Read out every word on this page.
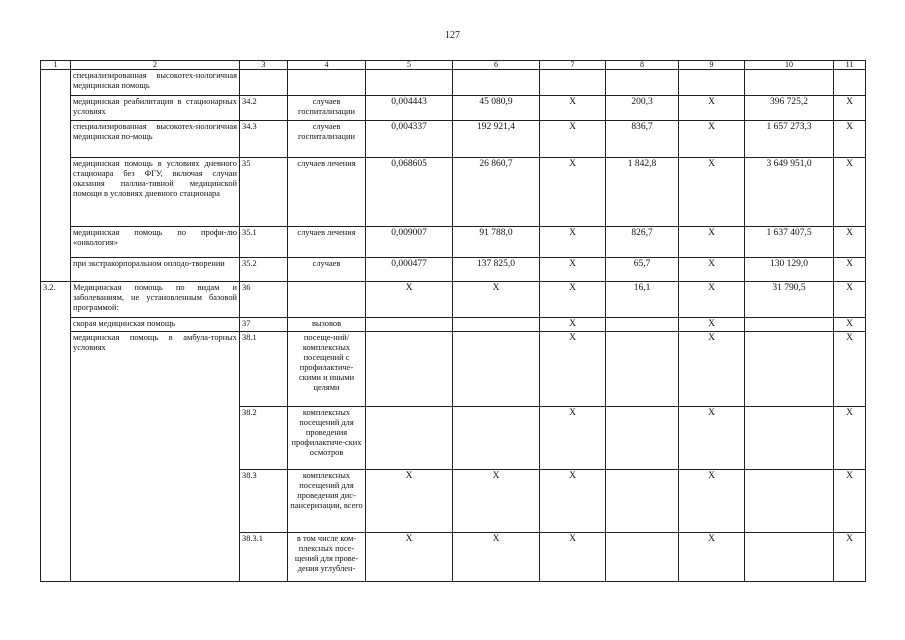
127
1	2	3	4	5	6	7	8	9	10	11
	специализированная высокотех-нологичная медицинская помощь									
	медицинская реабилитация в стационарных условиях	34.2	случаев госпитализации	0,004443	45 080,9	Х	200,3	Х	396 725,2	Х
	специализированная высокотех-нологичная медицинская по-мощь	34.3	случаев госпитализации	0,004337	192 921,4	Х	836,7	Х	1 657 273,3	Х
	медицинская помощь в условиях дневного стационара без ФГУ, включая случаи оказания паллиа-тивной медицинской помощи в условиях дневного стационара	35	случаев лечения	0,068605	26 860,7	Х	1 842,8	Х	3 649 951,0	Х
	медицинская помощь по профи-лю «онкология»	35.1	случаев лечения	0,009007	91 788,0	Х	826,7	Х	1 637 407,5	Х
	при экстракорпоральном оплодо-творении	35.2	случаев	0,000477	137 825,0	Х	65,7	Х	130 129,0	Х
3.2.	Медицинская помощь по видам и заболеваниям, не установленным базовой программой:	36		Х	Х	Х	16,1	Х	31 790,5	Х
	скорая медицинская помощь	37	вызовов			Х		Х		Х
	медицинская помощь в амбула-торных условиях	38.1	посеще-ний/комплексных посещений с профилактиче-скими и иными целями			Х		Х		Х
		38.2	комплексных посещений для проведения профилактиче-ских осмотров			Х		Х		Х
		38.3	комплексных посещений для проведения дис-пансеризации, всего	Х	Х	Х		Х		Х
		38.3.1	в том числе ком-плексных посе-щений для прове-дения углублен-	Х	Х	Х		Х		Х
